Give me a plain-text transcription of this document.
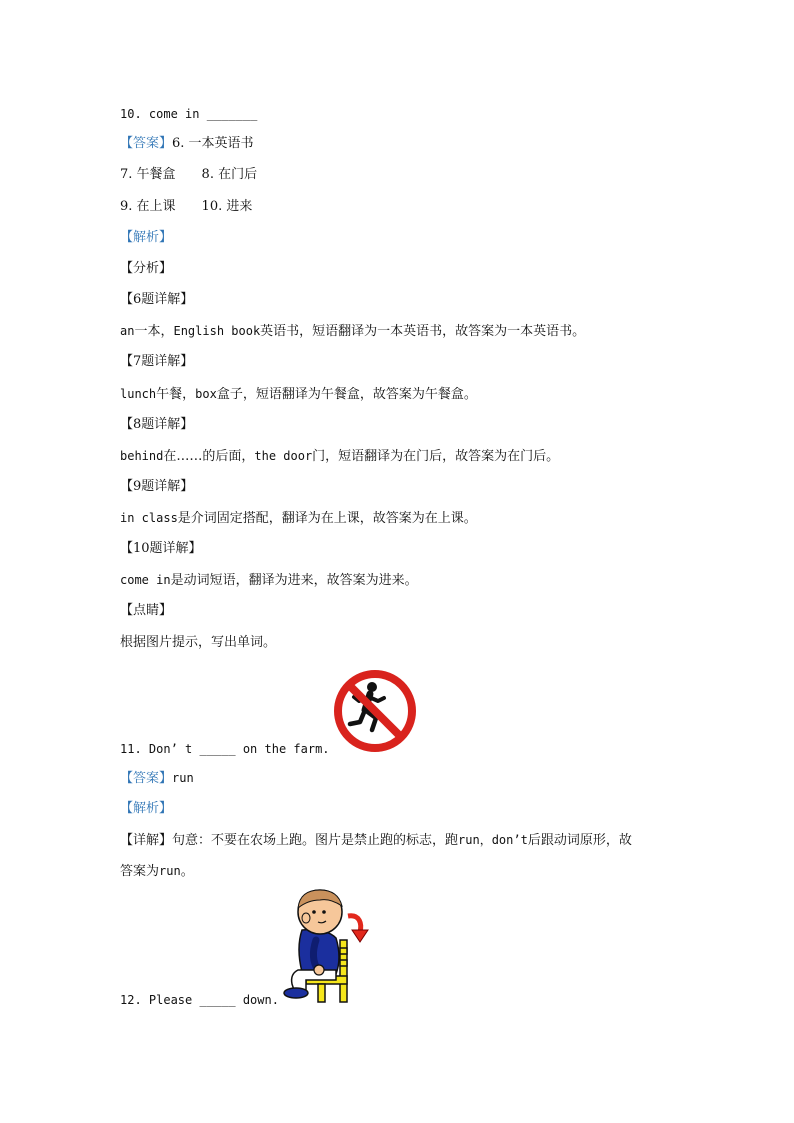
10. come in _______
【答案】6. 一本英语书
7. 午餐盒 8. 在门后
9. 在上课 10. 进来
【解析】
【分析】
【6题详解】
an一本，English book英语书，短语翻译为一本英语书，故答案为一本英语书。
【7题详解】
lunch午餐，box盒子，短语翻译为午餐盒，故答案为午餐盒。
【8题详解】
behind在……的后面，the door门，短语翻译为在门后，故答案为在门后。
【9题详解】
in class是介词固定搭配，翻译为在上课，故答案为在上课。
【10题详解】
come in是动词短语，翻译为进来，故答案为进来。
【点睛】
根据图片提示，写出单词。
11. Don’ t _____ on the farm.
【答案】run
【解析】
【详解】句意：不要在农场上跑。图片是禁止跑的标志，跑run，don’t后跟动词原形，故
答案为run。
12. Please _____ down.
